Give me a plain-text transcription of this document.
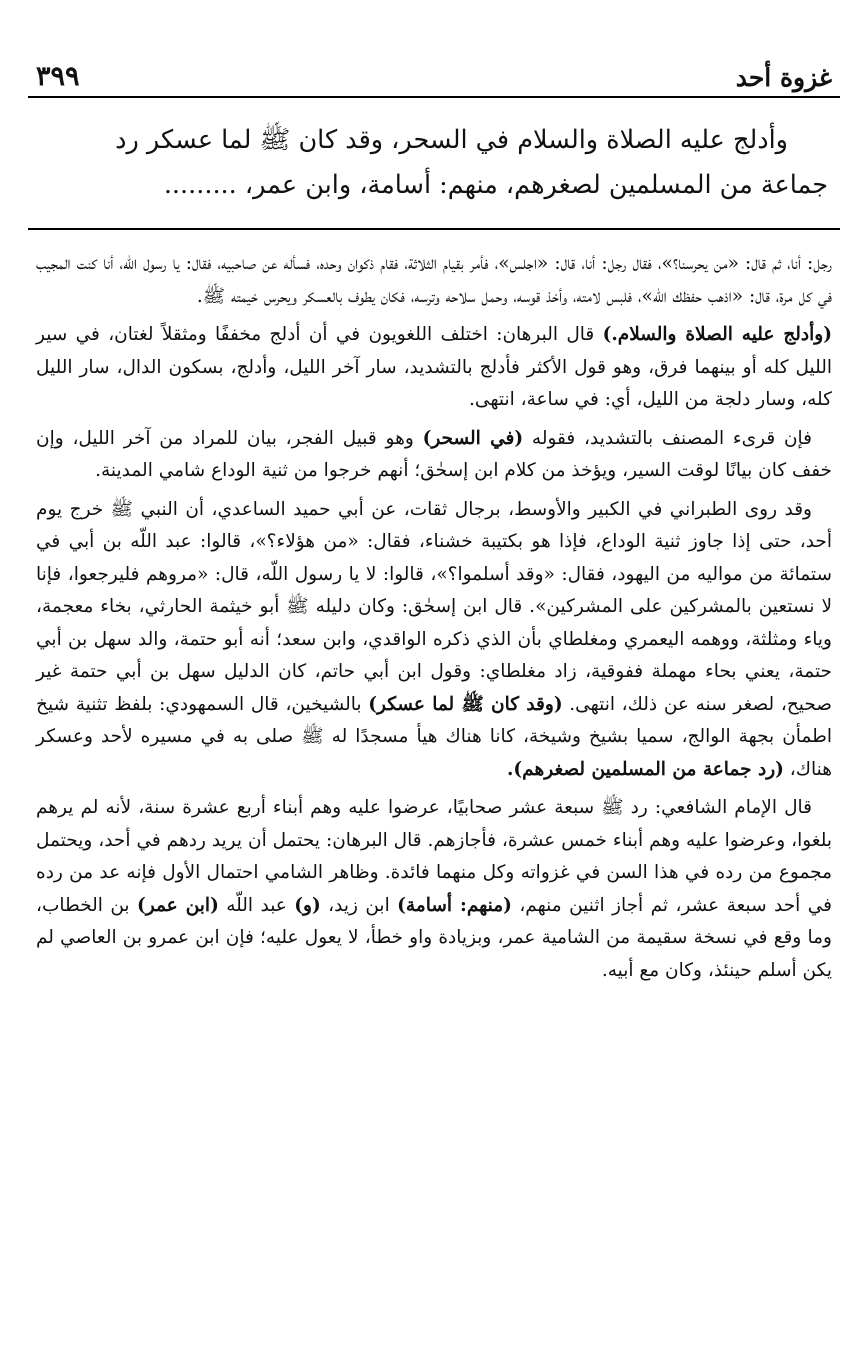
غزوة أحد
٣٩٩

وأدلج عليه الصلاة والسلام في السحر، وقد كان ﷺ لما عسكر رد

جماعة من المسلمين لصغرهم، منهم: أسامة، وابن عمر، .........

رجل: أنا، ثم قال: «من يحرسنا؟»، فقال رجل: أنا، قال: «اجلس»، فأمر بقيام الثلاثة، فقام ذكوان وحده، فسأله عن صاحبيه، فقال: يا رسول اللّه، أنا كنت المجيب في كل مرة، قال: «اذهب حفظك اللّه»، فلبس لامته، وأخذ قوسه، وحمل سلاحه وترسه، فكان يطوف بالعسكر ويحرس خيمته ﷺ.

(وأدلج عليه الصلاة والسلام.) قال البرهان: اختلف اللغويون في أن أدلج مخففًا ومثقلاً لغتان، في سير الليل كله أو بينهما فرق، وهو قول الأكثر فأدلج بالتشديد، سار آخر الليل، وأدلج، بسكون الدال، سار الليل كله، وسار دلجة من الليل، أي: في ساعة، انتهى.

فإن قرىء المصنف بالتشديد، فقوله (في السحر) وهو قبيل الفجر، بيان للمراد من آخر الليل، وإن خفف كان بيانًا لوقت السير، ويؤخذ من كلام ابن إسحٰق؛ أنهم خرجوا من ثنية الوداع شامي المدينة.

وقد روى الطبراني في الكبير والأوسط، برجال ثقات، عن أبي حميد الساعدي، أن النبي ﷺ خرج يوم أحد، حتى إذا جاوز ثنية الوداع، فإذا هو بكتيبة خشناء، فقال: «من هؤلاء؟»، قالوا: عبد اللّه بن أبي في ستمائة من مواليه من اليهود، فقال: «وقد أسلموا؟»، قالوا: لا يا رسول اللّه، قال: «مروهم فليرجعوا، فإنا لا نستعين بالمشركين على المشركين». قال ابن إسحٰق: وكان دليله ﷺ أبو خيثمة الحارثي، بخاء معجمة، وياء ومثلثة، ووهمه اليعمري ومغلطاي بأن الذي ذكره الواقدي، وابن سعد؛ أنه أبو حتمة، والد سهل بن أبي حتمة، يعني بحاء مهملة ففوقية، زاد مغلطاي: وقول ابن أبي حاتم، كان الدليل سهل بن أبي حتمة غير صحيح، لصغر سنه عن ذلك، انتهى. (وقد كان ﷺ لما عسكر) بالشيخين، قال السمهودي: بلفظ تثنية شيخ اطمأن بجهة الوالج، سميا بشيخ وشيخة، كانا هناك هيأ مسجدًا له ﷺ صلى به في مسيره لأحد وعسكر هناك، (رد جماعة من المسلمين لصغرهم).

قال الإمام الشافعي: رد ﷺ سبعة عشر صحابيًا، عرضوا عليه وهم أبناء أربع عشرة سنة، لأنه لم يرهم بلغوا، وعرضوا عليه وهم أبناء خمس عشرة، فأجازهم. قال البرهان: يحتمل أن يريد ردهم في أحد، ويحتمل مجموع من رده في هذا السن في غزواته وكل منهما فائدة. وظاهر الشامي احتمال الأول فإنه عد من رده في أحد سبعة عشر، ثم أجاز اثنين منهم، (منهم: أسامة) ابن زيد، (و) عبد اللّه (ابن عمر) بن الخطاب، وما وقع في نسخة سقيمة من الشامية عمر، وبزيادة واو خطأ، لا يعول عليه؛ فإن ابن عمرو بن العاصي لم يكن أسلم حينئذ، وكان مع أبيه.
